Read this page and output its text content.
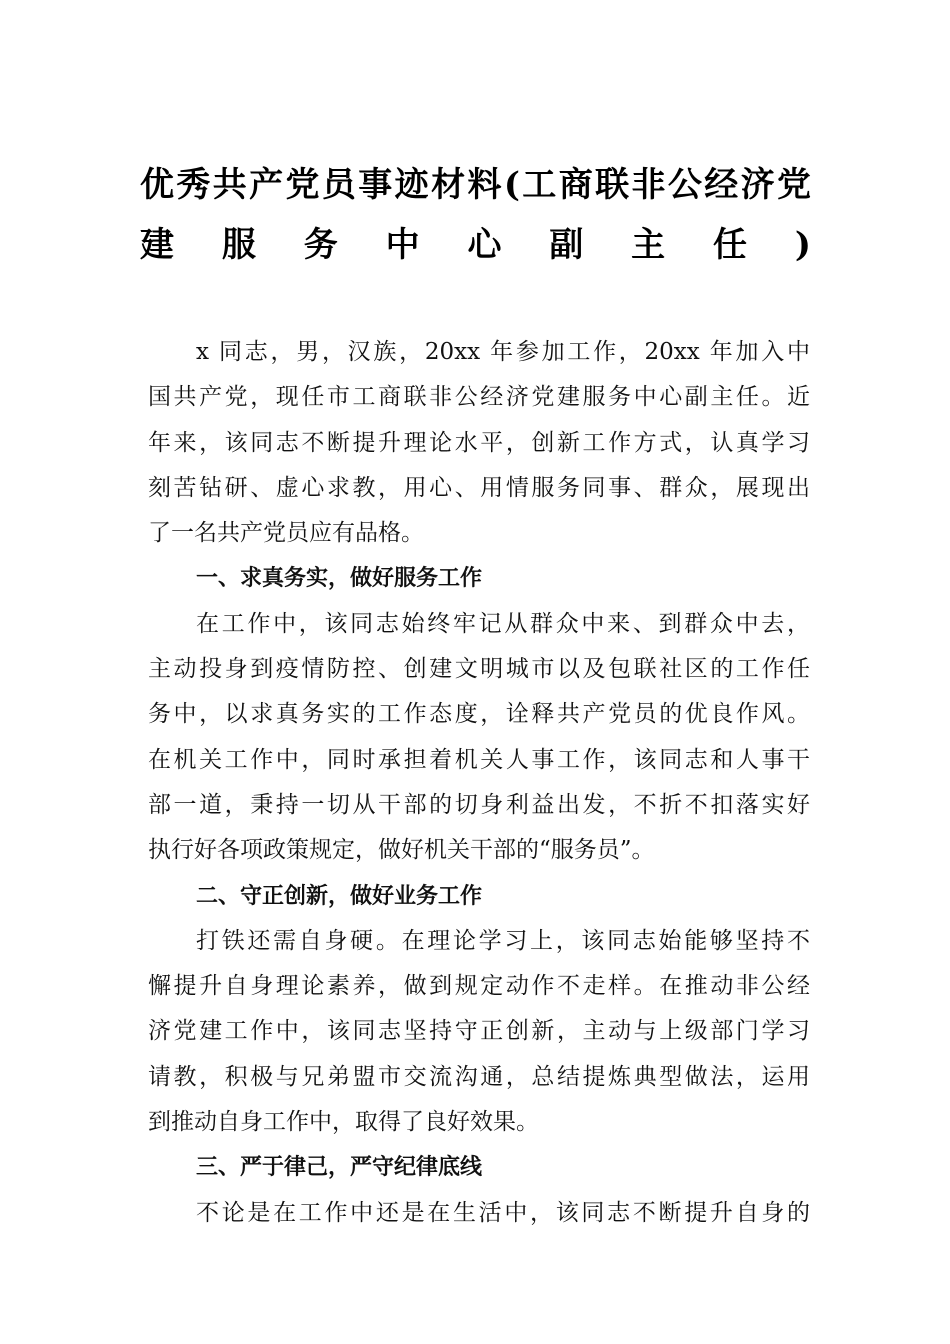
优秀共产党员事迹材料(工商联非公经济党
建服务中心副主任)
x 同志，男，汉族，20xx 年参加工作，20xx 年加入中
国共产党，现任市工商联非公经济党建服务中心副主任。近
年来，该同志不断提升理论水平，创新工作方式，认真学习
刻苦钻研、虚心求教，用心、用情服务同事、群众，展现出
了一名共产党员应有品格。
一、求真务实，做好服务工作
在工作中，该同志始终牢记从群众中来、到群众中去，
主动投身到疫情防控、创建文明城市以及包联社区的工作任
务中，以求真务实的工作态度，诠释共产党员的优良作风。
在机关工作中，同时承担着机关人事工作，该同志和人事干
部一道，秉持一切从干部的切身利益出发，不折不扣落实好
执行好各项政策规定，做好机关干部的“服务员”。
二、守正创新，做好业务工作
打铁还需自身硬。在理论学习上，该同志始能够坚持不
懈提升自身理论素养，做到规定动作不走样。在推动非公经
济党建工作中，该同志坚持守正创新，主动与上级部门学习
请教，积极与兄弟盟市交流沟通，总结提炼典型做法，运用
到推动自身工作中，取得了良好效果。
三、严于律己，严守纪律底线
不论是在工作中还是在生活中，该同志不断提升自身的
